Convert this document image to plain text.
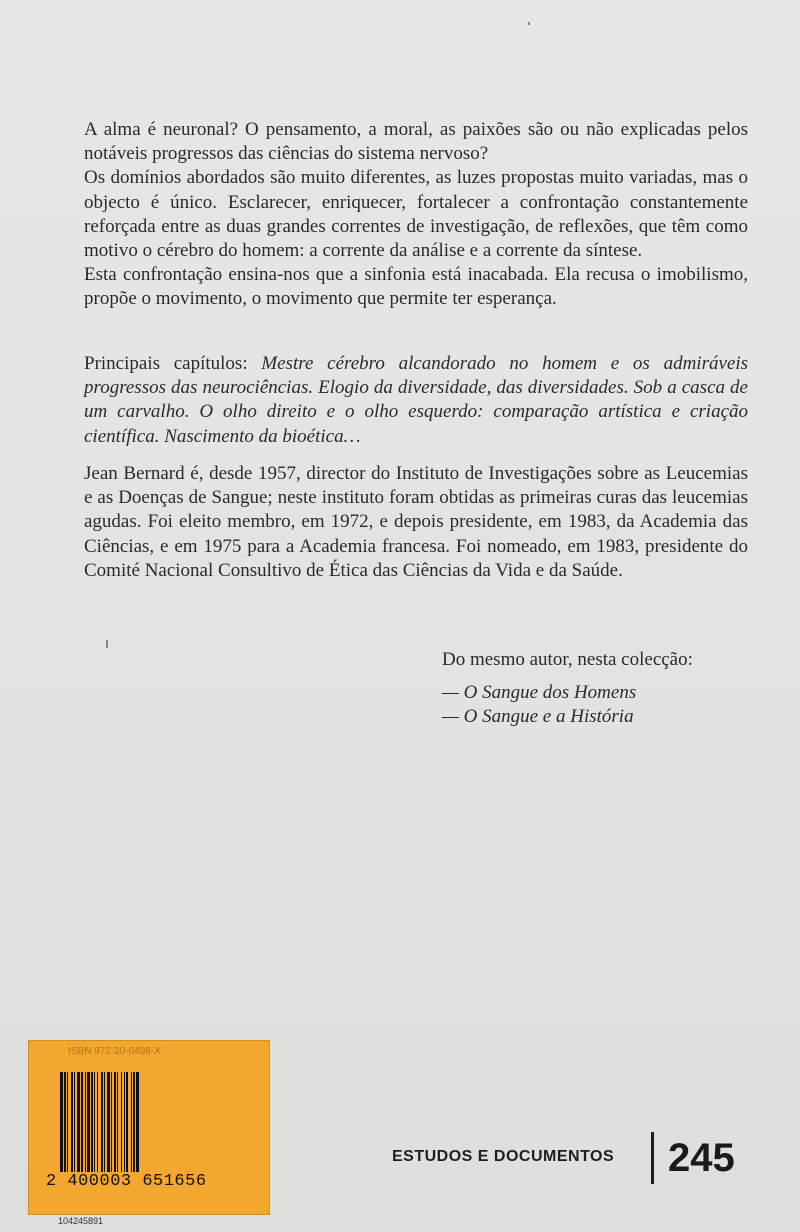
A alma é neuronal? O pensamento, a moral, as paixões são ou não explicadas pelos notáveis progressos das ciências do sistema nervoso?

Os domínios abordados são muito diferentes, as luzes propostas muito variadas, mas o objecto é único. Esclarecer, enriquecer, fortalecer a confrontação constantemente reforçada entre as duas grandes correntes de investigação, de reflexões, que têm como motivo o cérebro do homem: a corrente da análise e a corrente da síntese.

Esta confrontação ensina-nos que a sinfonia está inacabada. Ela recusa o imobilismo, propõe o movimento, o movimento que permite ter esperança.

Principais capítulos: Mestre cérebro alcandorado no homem e os admiráveis progressos das neurociências. Elogio da diversidade, das diversidades. Sob a casca de um carvalho. O olho direito e o olho esquerdo: comparação artística e criação científica. Nascimento da bioética…

Jean Bernard é, desde 1957, director do Instituto de Investigações sobre as Leucemias e as Doenças de Sangue; neste instituto foram obtidas as primeiras curas das leucemias agudas. Foi eleito membro, em 1972, e depois presidente, em 1983, da Academia das Ciências, e em 1975 para a Academia francesa. Foi nomeado, em 1983, presidente do Comité Nacional Consultivo de Ética das Ciências da Vida e da Saúde.

Do mesmo autor, nesta colecção:
— O Sangue dos Homens
— O Sangue e a História
ISBN 972-20-0498-X
2 400003 651656
104245891
ESTUDOS E DOCUMENTOS 245
